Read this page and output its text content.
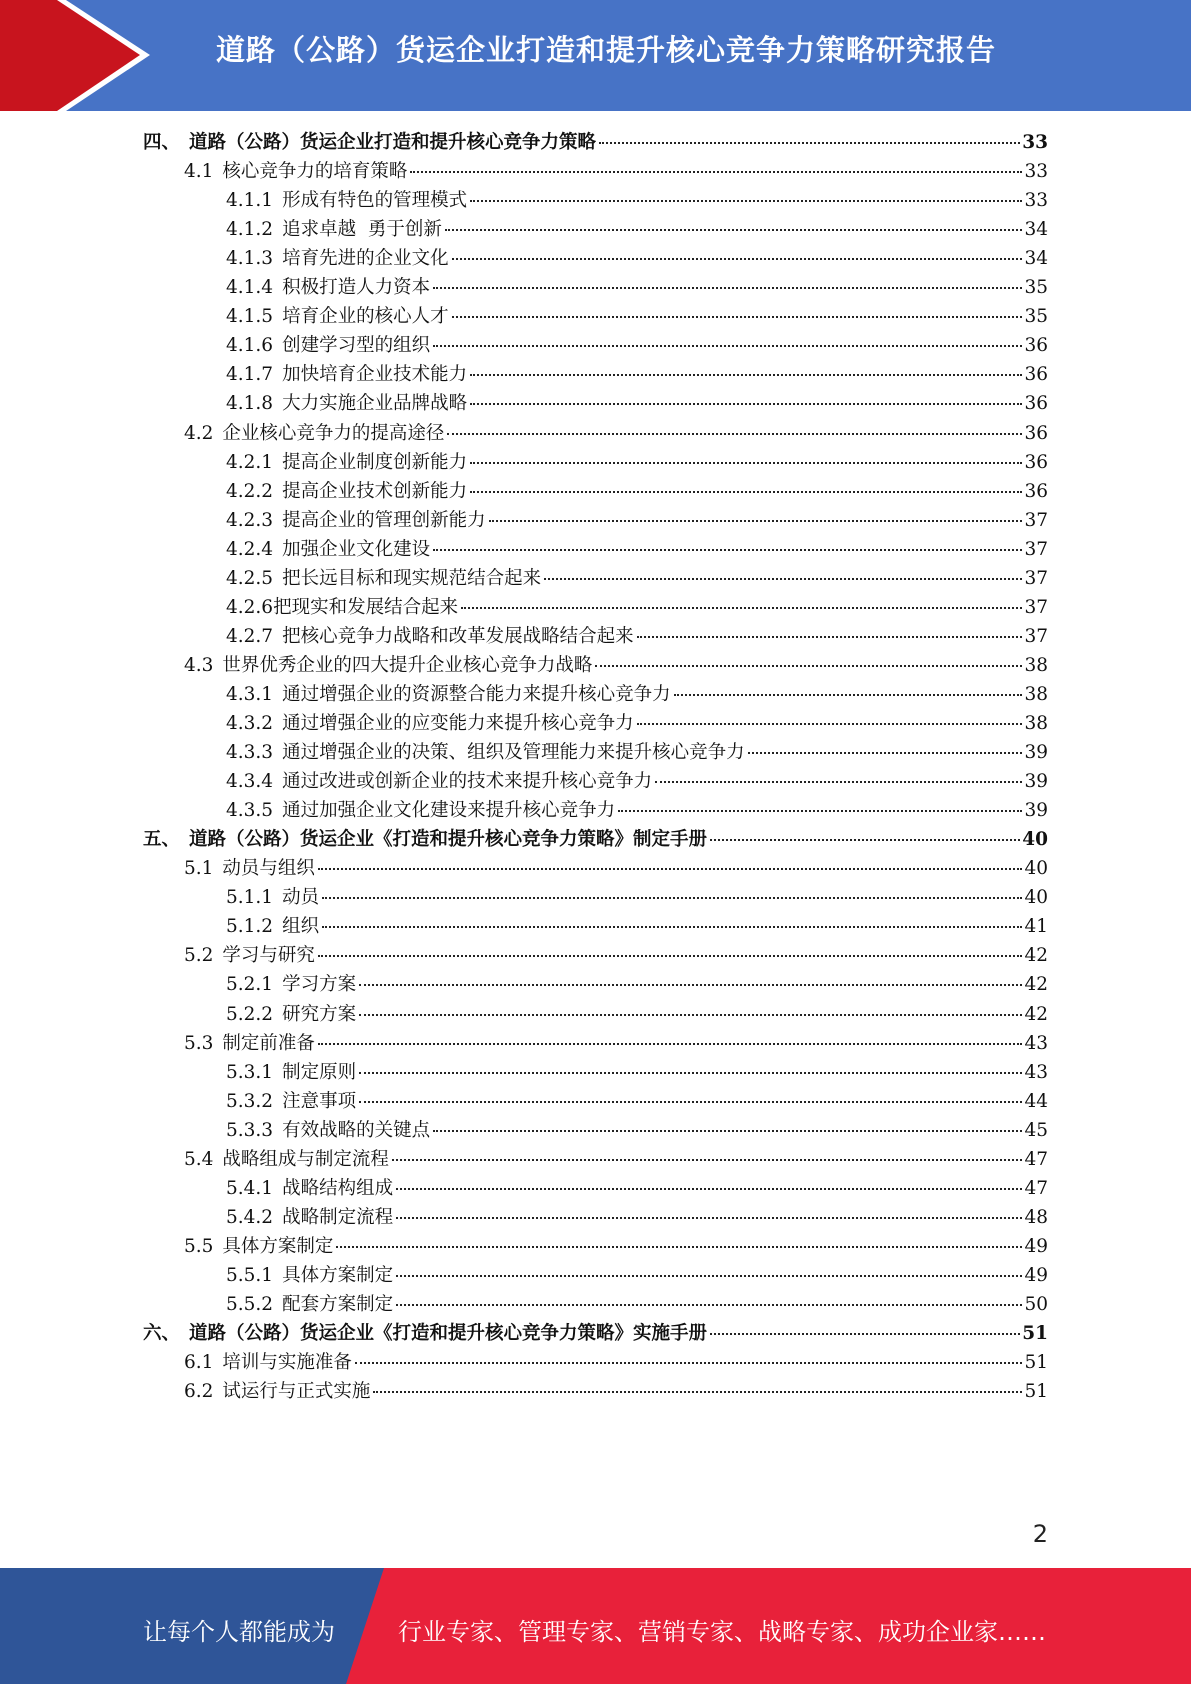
道路（公路）货运企业打造和提升核心竞争力策略研究报告
四、 道路（公路）货运企业打造和提升核心竞争力策略	33
4.1 核心竞争力的培育策略	33
4.1.1 形成有特色的管理模式	33
4.1.2 追求卓越  勇于创新	34
4.1.3 培育先进的企业文化	34
4.1.4 积极打造人力资本	35
4.1.5 培育企业的核心人才	35
4.1.6 创建学习型的组织	36
4.1.7 加快培育企业技术能力	36
4.1.8 大力实施企业品牌战略	36
4.2 企业核心竞争力的提高途径	36
4.2.1 提高企业制度创新能力	36
4.2.2 提高企业技术创新能力	36
4.2.3 提高企业的管理创新能力	37
4.2.4 加强企业文化建设	37
4.2.5 把长远目标和现实规范结合起来	37
4.2.6 把现实和发展结合起来	37
4.2.7 把核心竞争力战略和改革发展战略结合起来	37
4.3 世界优秀企业的四大提升企业核心竞争力战略	38
4.3.1 通过增强企业的资源整合能力来提升核心竞争力	38
4.3.2 通过增强企业的应变能力来提升核心竞争力	38
4.3.3 通过增强企业的决策、组织及管理能力来提升核心竞争力	39
4.3.4 通过改进或创新企业的技术来提升核心竞争力	39
4.3.5 通过加强企业文化建设来提升核心竞争力	39
五、 道路（公路）货运企业《打造和提升核心竞争力策略》制定手册	40
5.1 动员与组织	40
5.1.1 动员	40
5.1.2 组织	41
5.2 学习与研究	42
5.2.1 学习方案	42
5.2.2 研究方案	42
5.3 制定前准备	43
5.3.1 制定原则	43
5.3.2 注意事项	44
5.3.3 有效战略的关键点	45
5.4 战略组成与制定流程	47
5.4.1 战略结构组成	47
5.4.2 战略制定流程	48
5.5 具体方案制定	49
5.5.1 具体方案制定	49
5.5.2 配套方案制定	50
六、 道路（公路）货运企业《打造和提升核心竞争力策略》实施手册	51
6.1 培训与实施准备	51
6.2 试运行与正式实施	51
2
让每个人都能成为	行业专家、管理专家、营销专家、战略专家、成功企业家……
